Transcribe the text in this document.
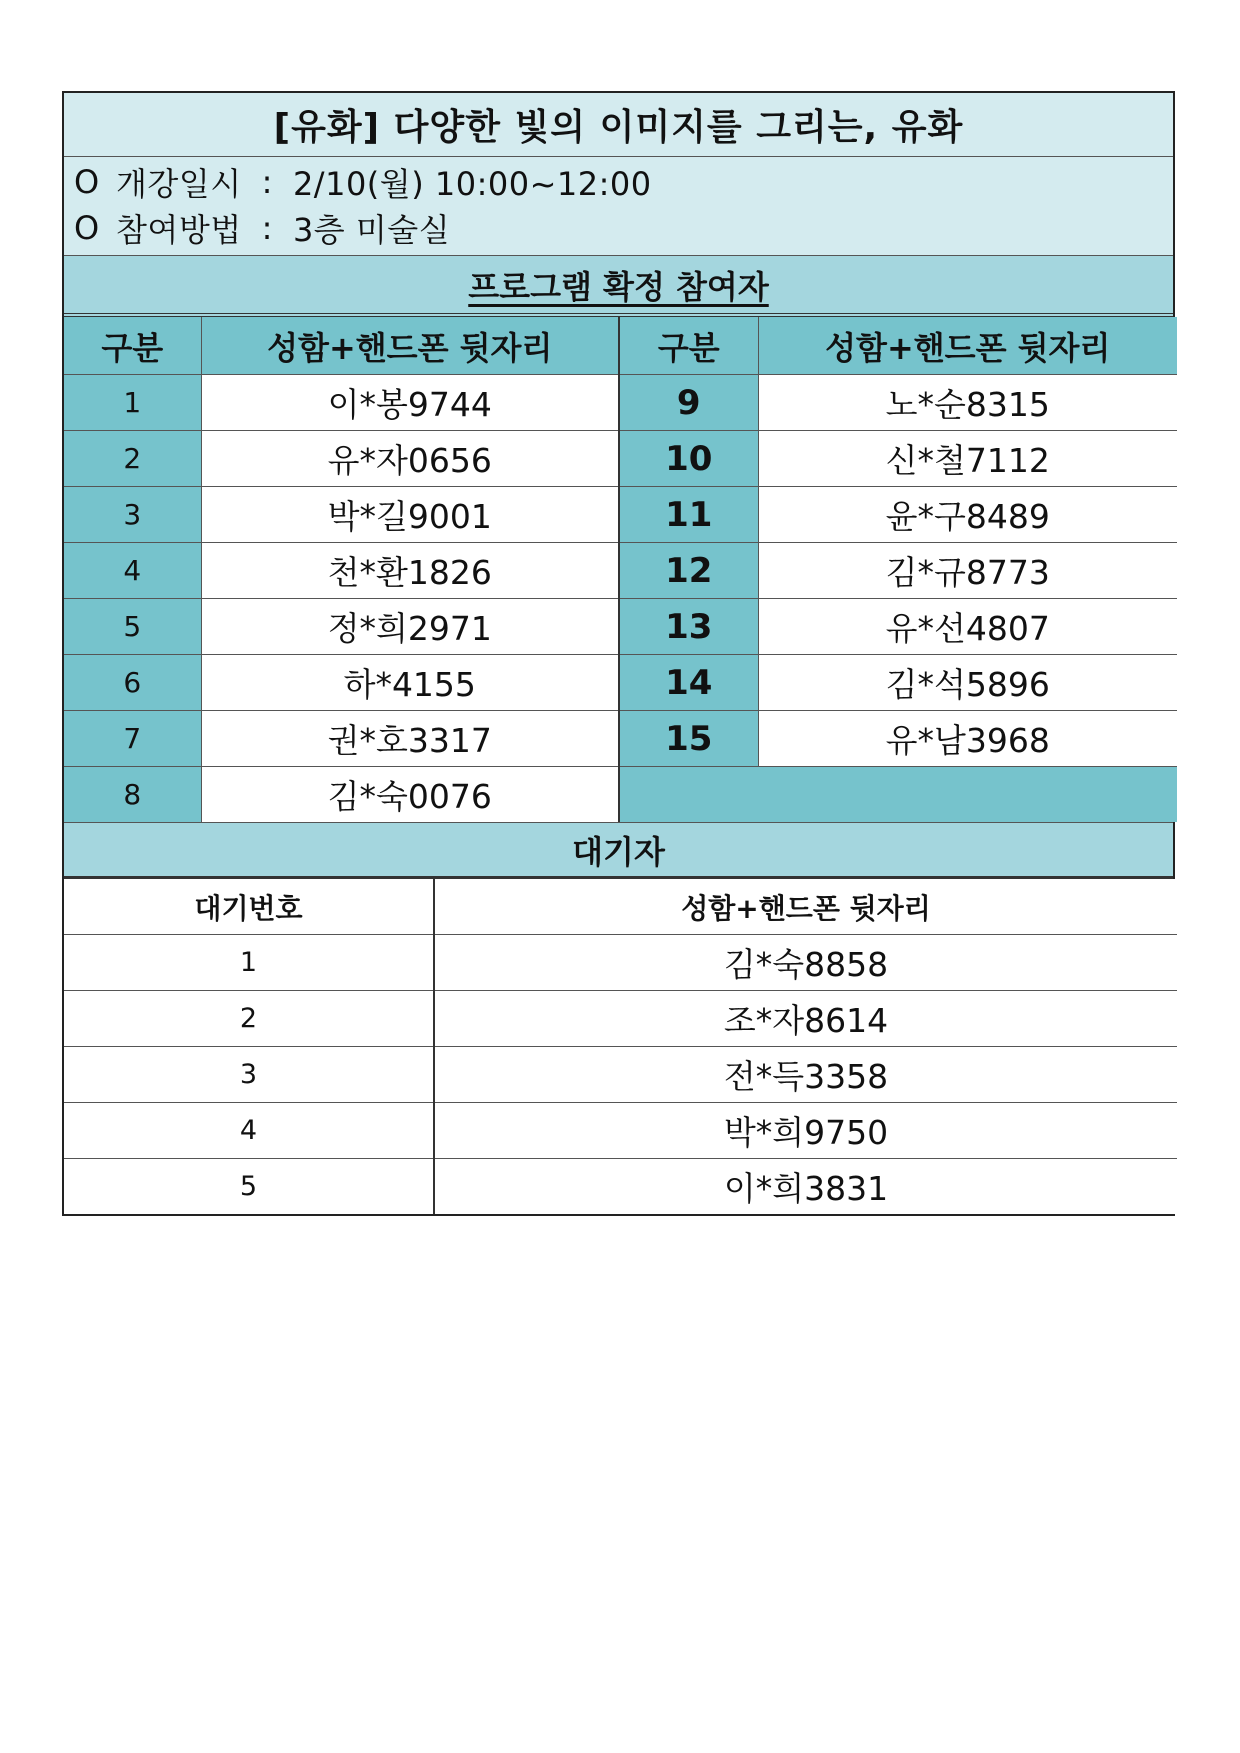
[유화] 다양한 빛의 이미지를 그리는, 유화
O 개강일시 : 2/10(월) 10:00~12:00
O 참여방법 : 3층 미술실
프로그램 확정 참여자
구분	성함+핸드폰 뒷자리	구분	성함+핸드폰 뒷자리
1	이*봉9744	9	노*순8315
2	유*자0656	10	신*철7112
3	박*길9001	11	윤*구8489
4	천*환1826	12	김*규8773
5	정*희2971	13	유*선4807
6	하*4155	14	김*석5896
7	권*호3317	15	유*남3968
8	김*숙0076		
대기자
대기번호	성함+핸드폰 뒷자리
1	김*숙8858
2	조*자8614
3	전*득3358
4	박*희9750
5	이*희3831
